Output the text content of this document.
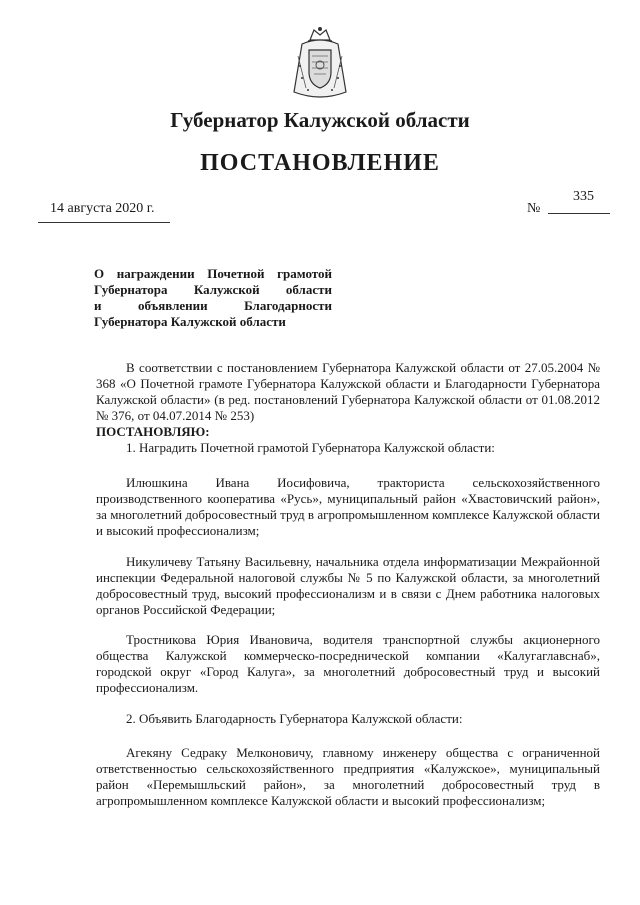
Губернатор Калужской области
ПОСТАНОВЛЕНИЕ
14 августа 2020 г.	№
335
О награждении Почетной грамотой
Губернатора Калужской области
и объявлении Благодарности
Губернатора Калужской области

В соответствии с постановлением Губернатора Калужской области от 27.05.2004 № 368 «О Почетной грамоте Губернатора Калужской области и Благодарности Губернатора Калужской области» (в ред. постановлений Губернатора Калужской области от 01.08.2012 № 376, от 04.07.2014 № 253)

ПОСТАНОВЛЯЮ:

1. Наградить Почетной грамотой Губернатора Калужской области:

Илюшкина Ивана Иосифовича, тракториста сельскохозяйственного производственного кооператива «Русь», муниципальный район «Хвастовичский район», за многолетний добросовестный труд в агропромышленном комплексе Калужской области и высокий профессионализм;

Никуличеву Татьяну Васильевну, начальника отдела информатизации Межрайонной инспекции Федеральной налоговой службы № 5 по Калужской области, за многолетний добросовестный труд, высокий профессионализм и в связи с Днем работника налоговых органов Российской Федерации;

Тростникова Юрия Ивановича, водителя транспортной службы акционерного общества Калужской коммерческо-посреднической компании «Калугаглавснаб», городской округ «Город Калуга», за многолетний добросовестный труд и высокий профессионализм.

2. Объявить Благодарность Губернатора Калужской области:

Агекяну Седраку Мелконовичу, главному инженеру общества с ограниченной ответственностью сельскохозяйственного предприятия «Калужское», муниципальный район «Перемышльский район», за многолетний добросовестный труд в агропромышленном комплексе Калужской области и высокий профессионализм;
